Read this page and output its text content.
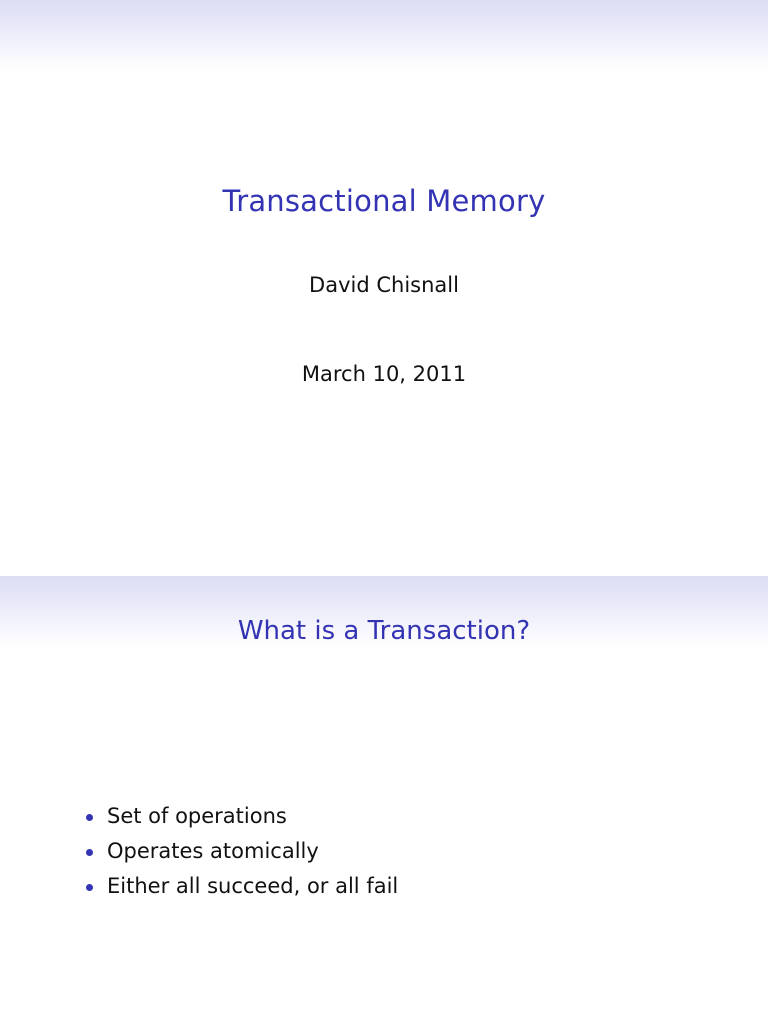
Transactional Memory
David Chisnall
March 10, 2011
What is a Transaction?
Set of operations
Operates atomically
Either all succeed, or all fail
